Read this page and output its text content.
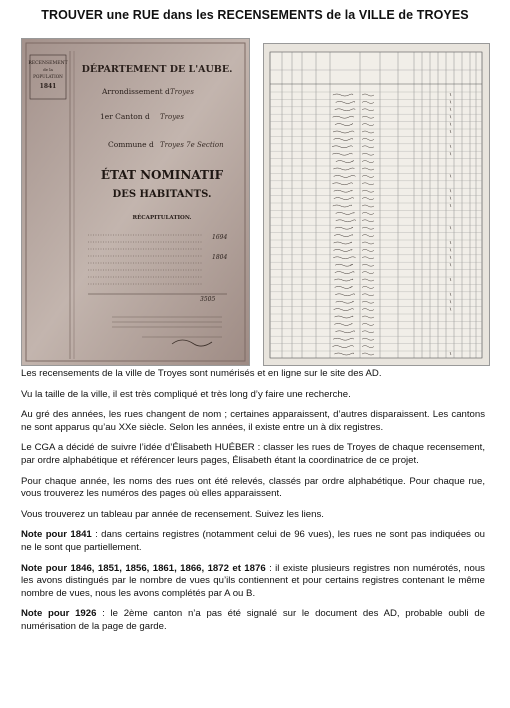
TROUVER une RUE dans les RECENSEMENTS de la VILLE de TROYES
RECENSEMENT
de la
POPULATION
1841
DÉPARTEMENT DE L'AUBE.
Arrondissement d Troyes
1er Canton d Troyes
Commune d Troyes 7e Section
ÉTAT NOMINATIF
DES HABITANTS.
RÉCAPITULATION.
1694
1804
3505

Les recensements de la ville de Troyes sont numérisés et en ligne sur le site des AD.

Vu la taille de la ville, il est très compliqué et très long d’y faire une recherche.

Au gré des années, les rues changent de nom ; certaines apparaissent, d’autres disparaissent. Les cantons ne sont apparus qu’au XXe siècle. Selon les années, il existe entre un à dix registres.

Le CGA a décidé de suivre l’idée d’Élisabeth HUÉBER : classer les rues de Troyes de chaque recensement, par ordre alphabétique et référencer leurs pages, Élisabeth étant la coordinatrice de ce projet.

Pour chaque année, les noms des rues ont été relevés, classés par ordre alphabétique. Pour chaque rue, vous trouverez les numéros des pages où elles apparaissent.

Vous trouverez un tableau par année de recensement. Suivez les liens.

Note pour 1841 : dans certains registres (notamment celui de 96 vues), les rues ne sont pas indiquées ou ne le sont que partiellement.

Note pour 1846, 1851, 1856, 1861, 1866, 1872 et 1876 : il existe plusieurs registres non numérotés, nous les avons distingués par le nombre de vues qu’ils contiennent et pour certains registres contenant le même nombre de vues, nous les avons complétés par A ou B.

Note pour 1926 : le 2ème canton n’a pas été signalé sur le document des AD, probable oubli de numérisation de la page de garde.
